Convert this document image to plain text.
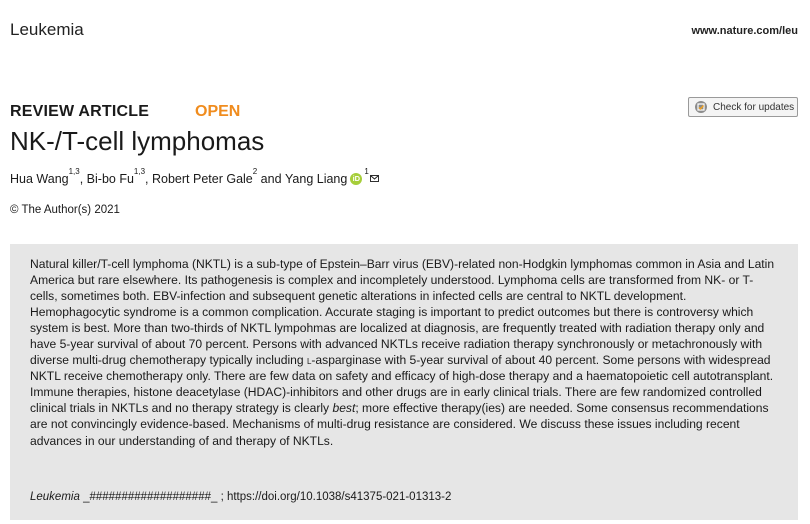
Leukemia	www.nature.com/leu
REVIEW ARTICLE	OPEN	Check for updates
NK-/T-cell lymphomas
Hua Wang
1,3
, Bi-bo Fu
1,3
, Robert Peter Gale
2
and Yang Liang iD
1
© The Author(s) 2021

Natural killer/T-cell lymphoma (NKTL) is a sub-type of Epstein–Barr virus (EBV)-related non-Hodgkin lymphomas common in Asia and Latin America but rare elsewhere. Its pathogenesis is complex and incompletely understood. Lymphoma cells are transformed from NK- or T-cells, sometimes both. EBV-infection and subsequent genetic alterations in infected cells are central to NKTL development. Hemophagocytic syndrome is a common complication. Accurate staging is important to predict outcomes but there is controversy which system is best. More than two-thirds of NKTL lympohmas are localized at diagnosis, are frequently treated with radiation therapy only and have 5-year survival of about 70 percent. Persons with advanced NKTLs receive radiation therapy synchronously or metachronously with diverse multi-drug chemotherapy typically including l-asparginase with 5-year survival of about 40 percent. Some persons with widespread NKTL receive chemotherapy only. There are few data on safety and efficacy of high-dose therapy and a haematopoietic cell autotransplant. Immune therapies, histone deacetylase (HDAC)-inhibitors and other drugs are in early clinical trials. There are few randomized controlled clinical trials in NKTLs and no therapy strategy is clearly best; more effective therapy(ies) are needed. Some consensus recommendations are not convincingly evidence-based. Mechanisms of multi-drug resistance are considered. We discuss these issues including recent advances in our understanding of and therapy of NKTLs.

Leukemia _###################_ ; https://doi.org/10.1038/s41375-021-01313-2
